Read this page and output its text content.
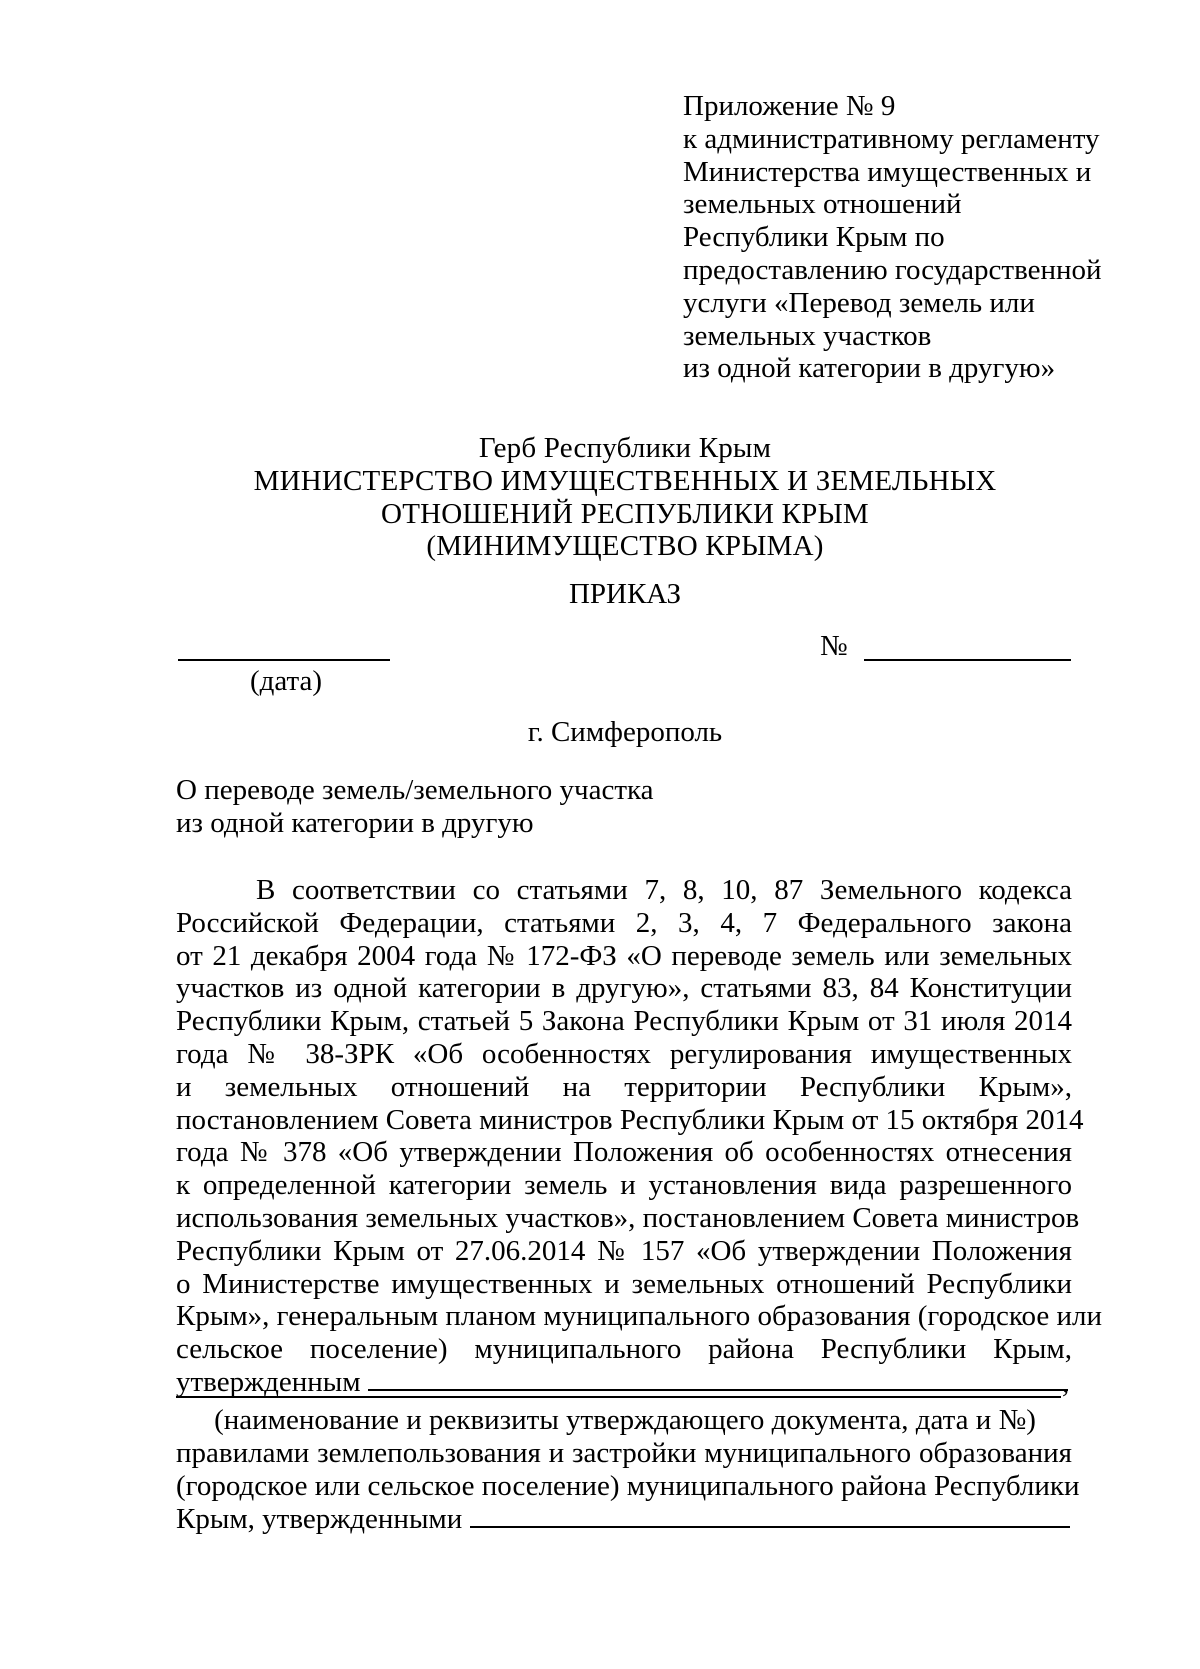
Приложение № 9
к административному регламенту
Министерства имущественных и
земельных отношений
Республики Крым по
предоставлению государственной
услуги «Перевод земель или
земельных участков
из одной категории в другую»
Герб Республики Крым
МИНИСТЕРСТВО ИМУЩЕСТВЕННЫХ И ЗЕМЕЛЬНЫХ
ОТНОШЕНИЙ РЕСПУБЛИКИ КРЫМ
(МИНИМУЩЕСТВО КРЫМА)
ПРИКАЗ
(дата)
№
г. Симферополь
О переводе земель/земельного участка
из одной категории в другую
В соответствии со статьями 7, 8, 10, 87 Земельного кодекса
Российской Федерации, статьями 2, 3, 4, 7 Федерального закона
от 21 декабря 2004 года № 172-ФЗ «О переводе земель или земельных
участков из одной категории в другую», статьями 83, 84 Конституции
Республики Крым, статьей 5 Закона Республики Крым от 31 июля 2014
года № 38-ЗРК «Об особенностях регулирования имущественных
и земельных отношений на территории Республики Крым»,
постановлением Совета министров Республики Крым от 15 октября 2014
года № 378 «Об утверждении Положения об особенностях отнесения
к определенной категории земель и установления вида разрешенного
использования земельных участков», постановлением Совета министров
Республики Крым от 27.06.2014 № 157 «Об утверждении Положения
о Министерстве имущественных и земельных отношений Республики
Крым», генеральным планом муниципального образования (городское или
сельское поселение) муниципального района Республики Крым,
утвержденным	,
(наименование и реквизиты утверждающего документа, дата и №)
правилами землепользования и застройки муниципального образования
(городское или сельское поселение) муниципального района Республики
Крым, утвержденными
